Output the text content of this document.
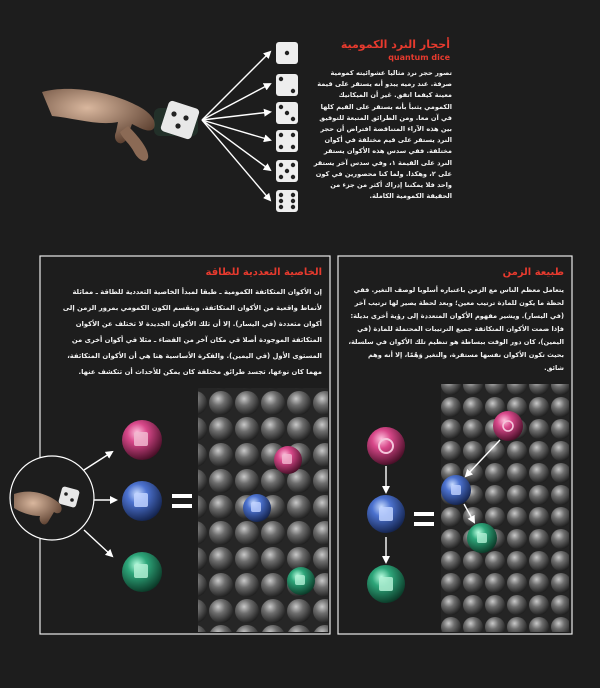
أحجار النرد الكمومية
quantum dice
تصور حجر نرد مثاليا عشوائيته كمومية صرفة. عند رميه يبدو أنه يستقر على قيمة معينة كيفما اتفق. غير أن الميكانيك الكمومي يثنبأ بأنه يستقر على القيم كلها في آن معا. ومن الطرائق المتبعة للتوفيق بين هذه الآراء المتناقضة افتراض أن حجر النرد يستقر على قيم مختلفة في أكوان مختلفة. ففي سدس هذه الأكوان يستقر النرد على القيمة ١، وفي سدس آخر يستقر على ٢، وهكذا. ولما كنا محصورين في كون واحد فلا يمكننا إدراك أكثر من جزء من الحقيقة الكمومية الكاملة.
الخاصية التعددية للطاقة
إن الأكوان المتكاثفة الكمومية ـ طبقا لمبدأ الخاصية التعددية للطاقة ـ مماثلة لأنماط واقعية من الأكوان المتكاثفة. وينقسم الكون الكمومي بمرور الزمن إلى أكوان متعددة (في اليسار). إلا أن تلك الأكوان الجديدة لا تختلف عن الأكوان المتكاثفة الموجودة أصلا في مكان آخر من الفضاء ـ مثلا في أكوان أخرى من المستوى الأول (في اليمين). والفكرة الأساسية هنا هي أن الأكوان المتكاثفة، مهما كان نوعها، تجسد طرائق مختلفة كان يمكن للأحداث أن تتكشف عنها.
طبيعة الزمن
يتعامل معظم الناس مع الزمن باعتباره أسلوبا لوصف التغير. ففي لحظة ما يكون للمادة ترتيب معين؛ وبعد لحظة يصير لها ترتيب آخر (في اليسار). ويشير مفهوم الأكوان المتعددة إلى رؤية أخرى بديلة: فإذا ضمت الأكوان المتكاثفة جميع الترتيبات المحتملة للمادة (في اليمين)، كان دور الوقت ببساطة هو تنظيم تلك الأكوان في سلسلة، بحيث تكون الأكوان نفسها مستقرة، والتغير وَهْمًا، إلا أنه وهم شائق.
